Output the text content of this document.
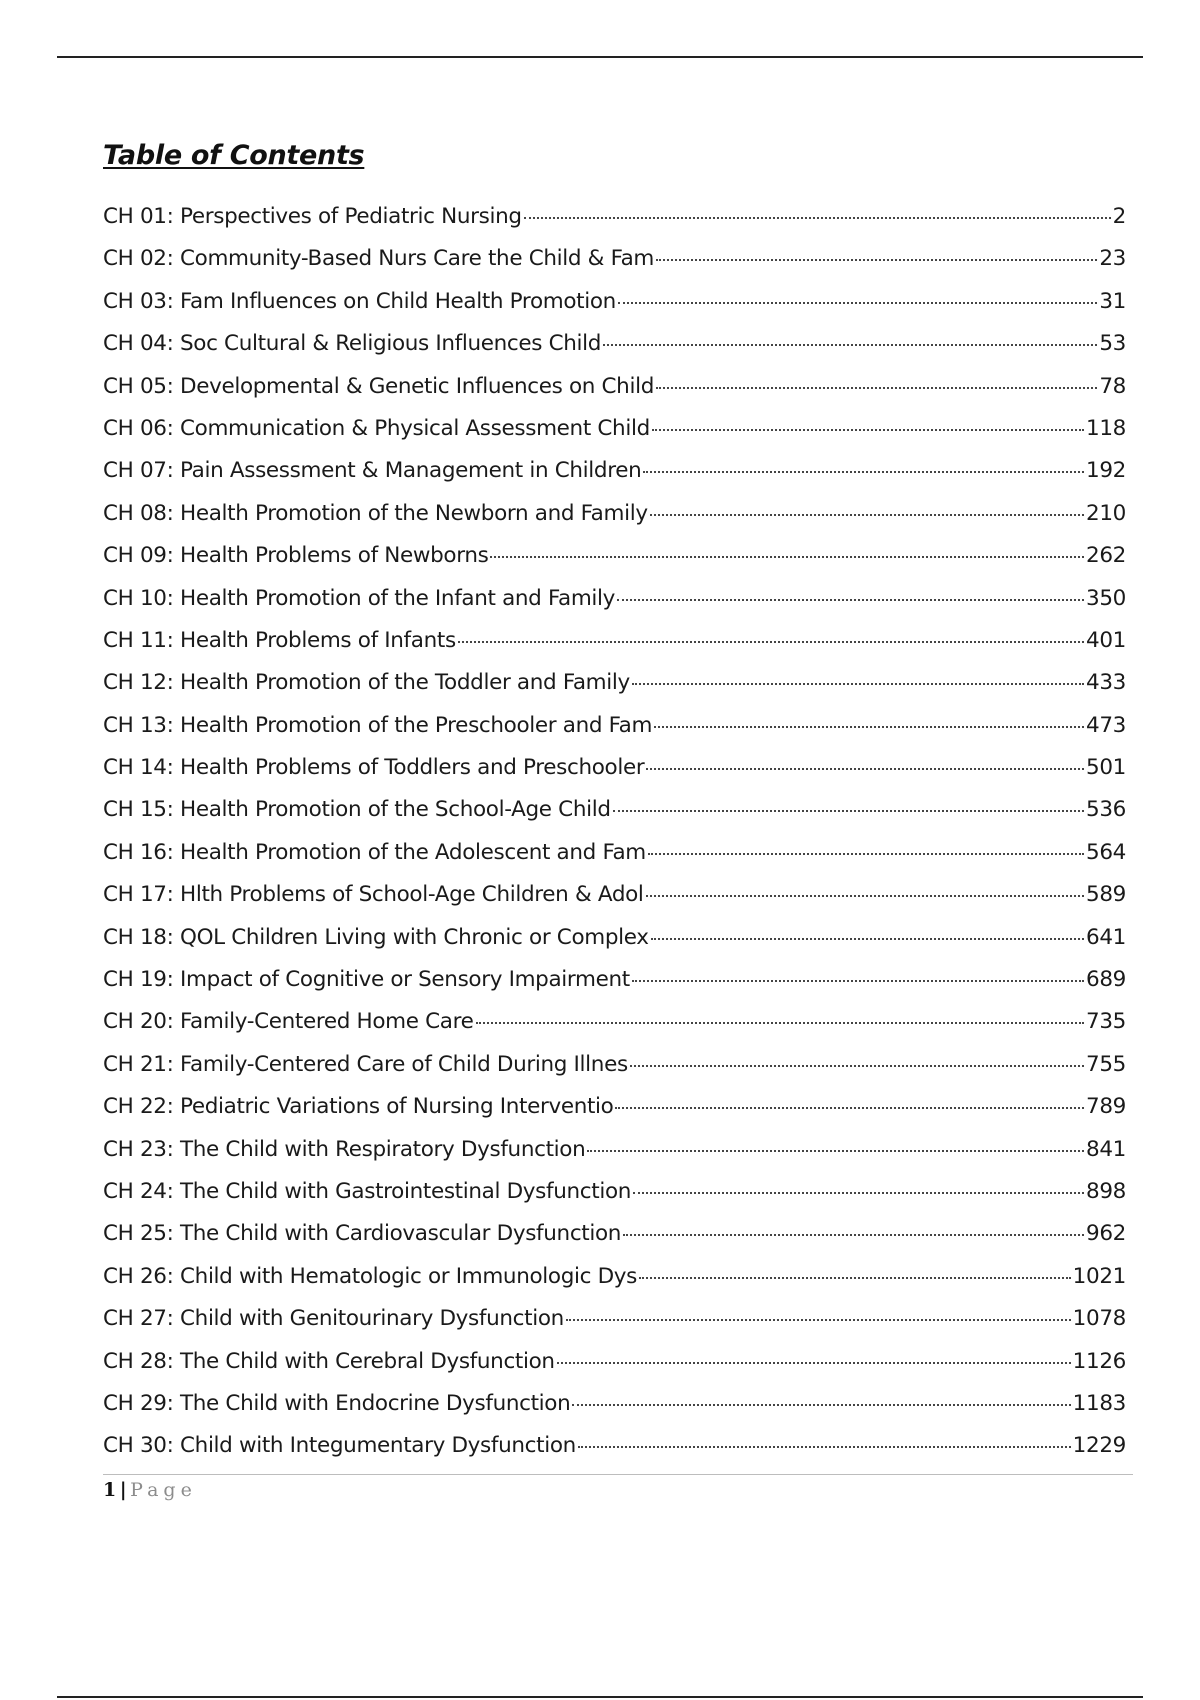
Table of Contents
CH 01: Perspectives of Pediatric Nursing	2
CH 02: Community-Based Nurs Care the Child & Fam	23
CH 03: Fam Influences on Child Health Promotion	31
CH 04: Soc Cultural & Religious Influences Child	53
CH 05: Developmental & Genetic Influences on Child	78
CH 06: Communication & Physical Assessment Child	118
CH 07: Pain Assessment & Management in Children	192
CH 08: Health Promotion of the Newborn and Family	210
CH 09: Health Problems of Newborns	262
CH 10: Health Promotion of the Infant and Family	350
CH 11: Health Problems of Infants	401
CH 12: Health Promotion of the Toddler and Family	433
CH 13: Health Promotion of the Preschooler and Fam	473
CH 14: Health Problems of Toddlers and Preschooler	501
CH 15: Health Promotion of the School-Age Child	536
CH 16: Health Promotion of the Adolescent and Fam	564
CH 17: Hlth Problems of School-Age Children & Adol	589
CH 18: QOL Children Living with Chronic or Complex	641
CH 19: Impact of Cognitive or Sensory Impairment	689
CH 20: Family-Centered Home Care	735
CH 21: Family-Centered Care of Child During Illnes	755
CH 22: Pediatric Variations of Nursing Interventio	789
CH 23: The Child with Respiratory Dysfunction	841
CH 24: The Child with Gastrointestinal Dysfunction	898
CH 25: The Child with Cardiovascular Dysfunction	962
CH 26: Child with Hematologic or Immunologic Dys	1021
CH 27: Child with Genitourinary Dysfunction	1078
CH 28: The Child with Cerebral Dysfunction	1126
CH 29: The Child with Endocrine Dysfunction	1183
CH 30: Child with Integumentary Dysfunction	1229
1 | Page
